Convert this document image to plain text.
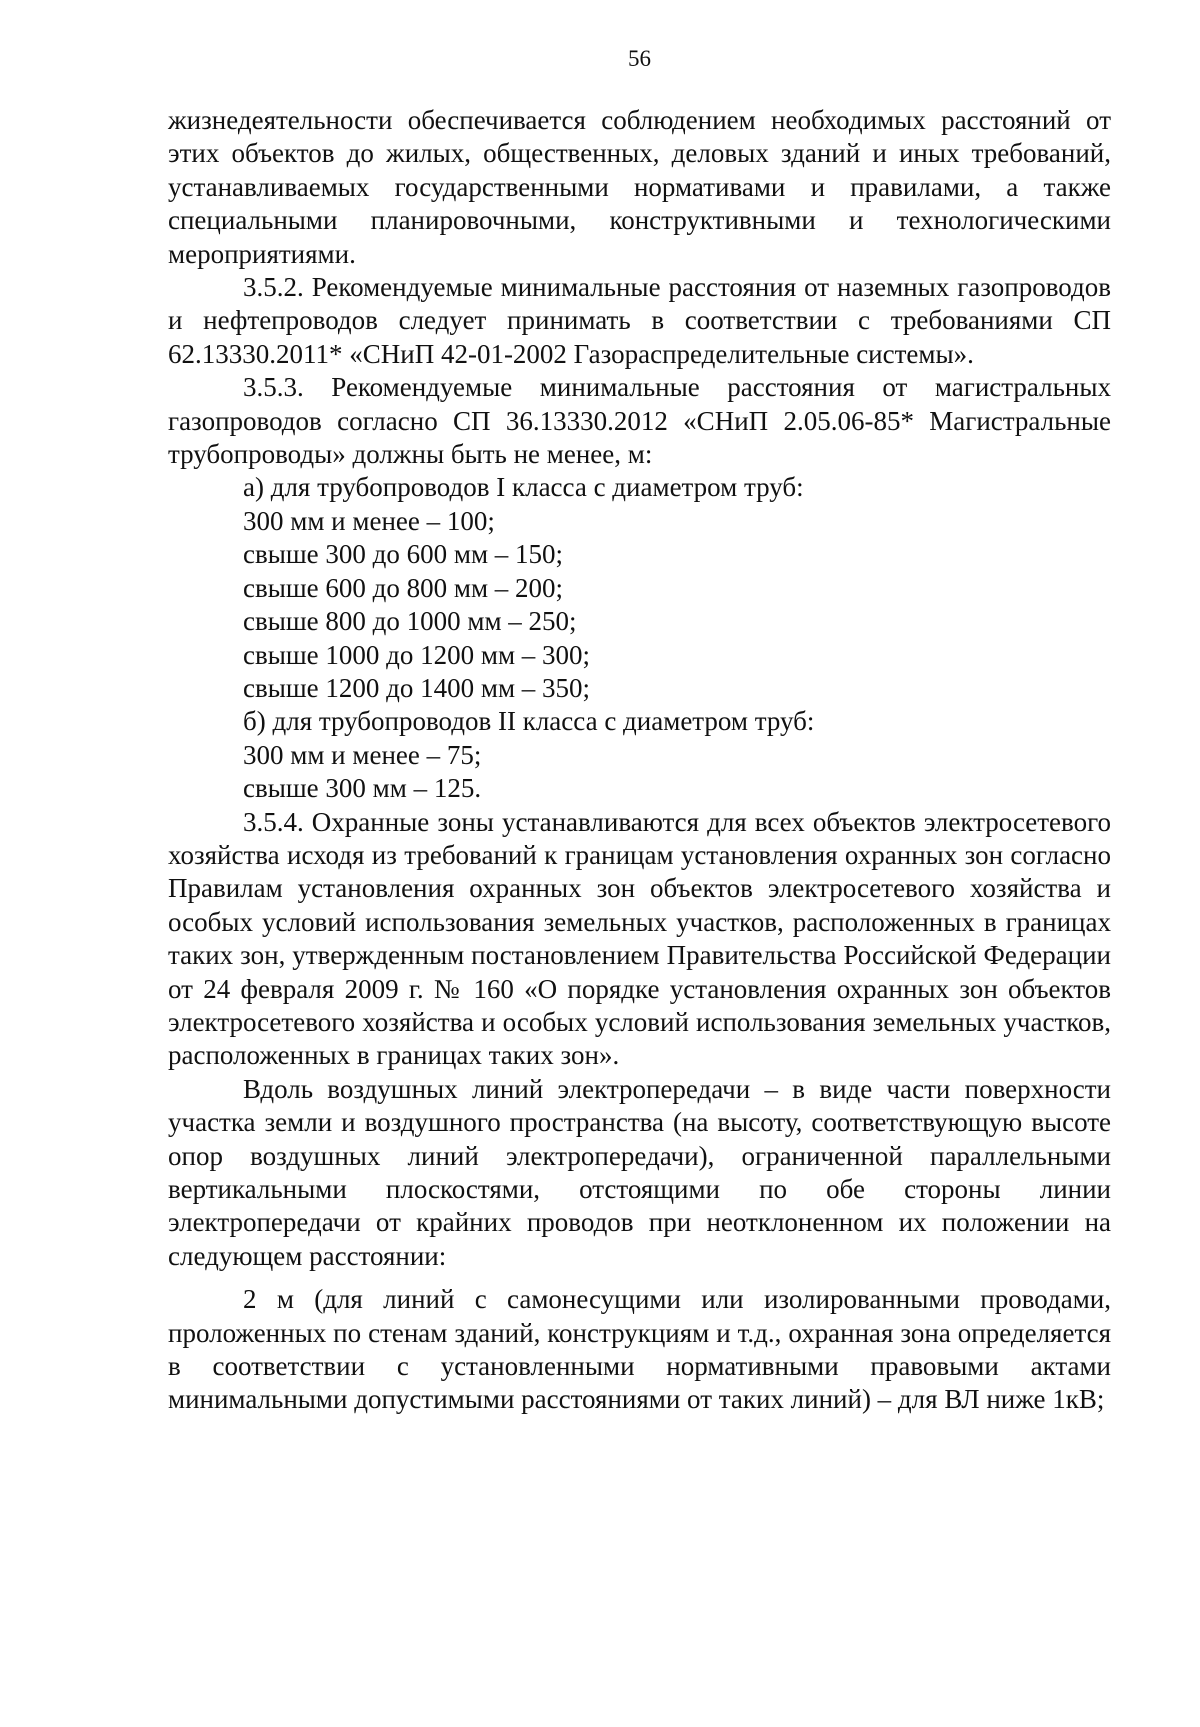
56

жизнедеятельности обеспечивается соблюдением необходимых расстояний от этих объектов до жилых, общественных, деловых зданий и иных требований, устанавливаемых государственными нормативами и правилами, а также специальными планировочными, конструктивными и технологическими мероприятиями.

3.5.2. Рекомендуемые минимальные расстояния от наземных газопроводов и нефтепроводов следует принимать в соответствии с требованиями СП 62.13330.2011* «СНиП 42-01-2002 Газораспределительные системы».

3.5.3. Рекомендуемые минимальные расстояния от магистральных газопроводов согласно СП 36.13330.2012 «СНиП 2.05.06-85* Магистральные трубопроводы» должны быть не менее, м:

а) для трубопроводов I класса с диаметром труб:

300 мм и менее – 100;

свыше 300 до 600 мм – 150;

свыше 600 до 800 мм – 200;

свыше 800 до 1000 мм – 250;

свыше 1000 до 1200 мм – 300;

свыше 1200 до 1400 мм – 350;

б) для трубопроводов II класса с диаметром труб:

300 мм и менее – 75;

свыше 300 мм – 125.

3.5.4. Охранные зоны устанавливаются для всех объектов электросетевого хозяйства исходя из требований к границам установления охранных зон согласно Правилам установления охранных зон объектов электросетевого хозяйства и особых условий использования земельных участков, расположенных в границах таких зон, утвержденным постановлением Правительства Российской Федерации от 24 февраля 2009 г. № 160 «О порядке установления охранных зон объектов электросетевого хозяйства и особых условий использования земельных участков, расположенных в границах таких зон».

Вдоль воздушных линий электропередачи – в виде части поверхности участка земли и воздушного пространства (на высоту, соответствующую высоте опор воздушных линий электропередачи), ограниченной параллельными вертикальными плоскостями, отстоящими по обе стороны линии электропередачи от крайних проводов при неотклоненном их положении на следующем расстоянии:

2 м (для линий с самонесущими или изолированными проводами, проложенных по стенам зданий, конструкциям и т.д., охранная зона определяется в соответствии с установленными нормативными правовыми актами минимальными допустимыми расстояниями от таких линий) – для ВЛ ниже 1кВ;
